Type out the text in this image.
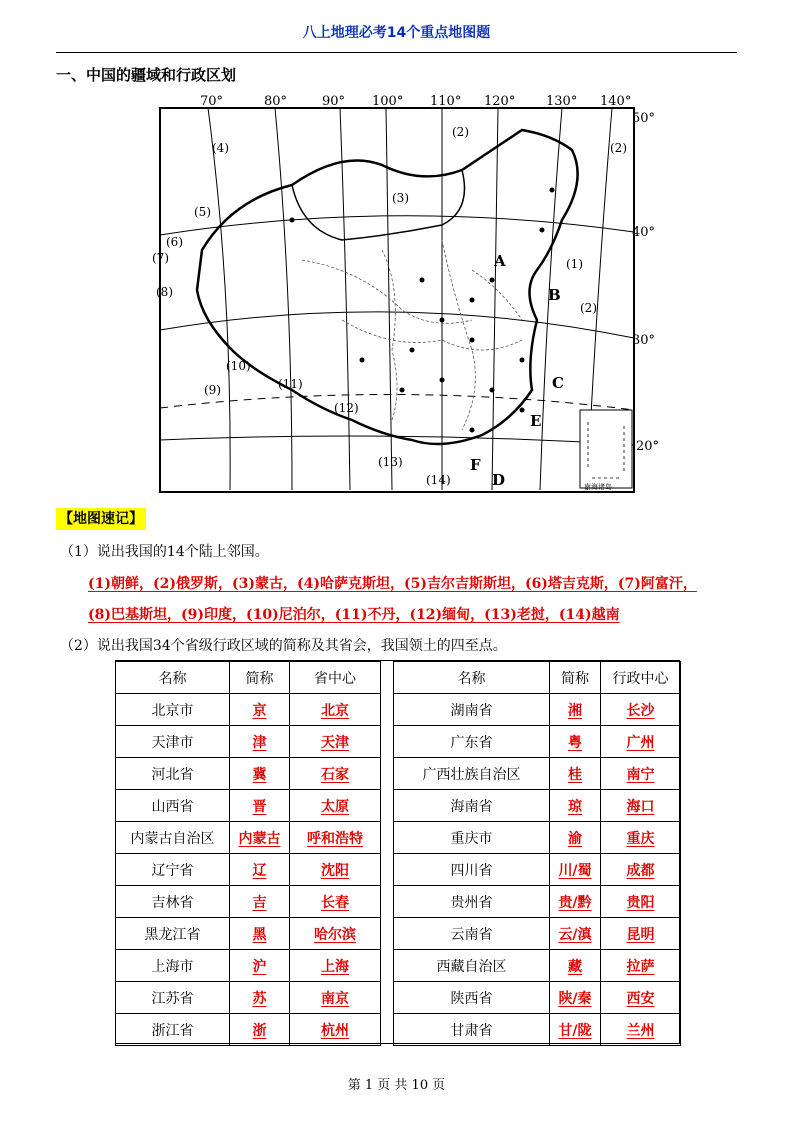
八上地理必考14个重点地图题
一、中国的疆域和行政区划
70°	80°	90° 100° 110° 120° 130° 140°
50°
40°
30°
20°
(1)
(2)
(2)
(3)
(4)
(5)
(6)
(7)
(8)
(9)
(10)
(11)
(12)
(13)
(14)
(2)
A
B
C
D
E
F
南海诸岛
【地图速记】
（1）说出我国的14个陆上邻国。
(1)朝鲜，(2)俄罗斯，(3)蒙古，(4)哈萨克斯坦，(5)吉尔吉斯斯坦，(6)塔吉克斯，(7)阿富汗，
(8)巴基斯坦，(9)印度，(10)尼泊尔，(11)不丹，(12)缅甸，(13)老挝，(14)越南
（2）说出我国34个省级行政区域的简称及其省会，我国领土的四至点。
名称	简称	省中心
北京市	京	北京
天津市	津	天津
河北省	冀	石家
山西省	晋	太原
内蒙古自治区	内蒙古	呼和浩特
辽宁省	辽	沈阳
吉林省	吉	长春
黑龙江省	黑	哈尔滨
上海市	沪	上海
江苏省	苏	南京
浙江省	浙	杭州
名称	简称	行政中心
湖南省	湘	长沙
广东省	粤	广州
广西壮族自治区	桂	南宁
海南省	琼	海口
重庆市	渝	重庆
四川省	川/蜀	成都
贵州省	贵/黔	贵阳
云南省	云/滇	昆明
西藏自治区	藏	拉萨
陕西省	陕/秦	西安
甘肃省	甘/陇	兰州
第 1 页 共 10 页
